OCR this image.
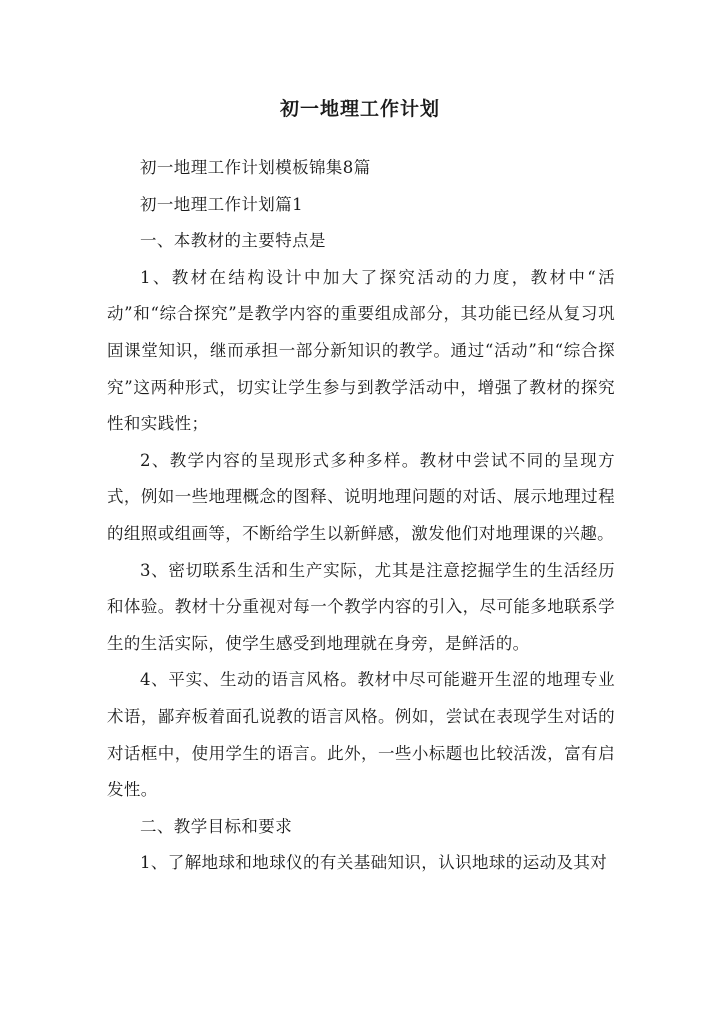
初一地理工作计划

初一地理工作计划模板锦集8篇

初一地理工作计划篇1

一、本教材的主要特点是

1、教材在结构设计中加大了探究活动的力度，教材中“活动”和“综合探究”是教学内容的重要组成部分，其功能已经从复习巩固课堂知识，继而承担一部分新知识的教学。通过“活动”和“综合探究”这两种形式，切实让学生参与到教学活动中，增强了教材的探究性和实践性；

2、教学内容的呈现形式多种多样。教材中尝试不同的呈现方式，例如一些地理概念的图释、说明地理问题的对话、展示地理过程的组照或组画等，不断给学生以新鲜感，激发他们对地理课的兴趣。

3、密切联系生活和生产实际，尤其是注意挖掘学生的生活经历和体验。教材十分重视对每一个教学内容的引入，尽可能多地联系学生的生活实际，使学生感受到地理就在身旁，是鲜活的。

4、平实、生动的语言风格。教材中尽可能避开生涩的地理专业术语，鄙弃板着面孔说教的语言风格。例如，尝试在表现学生对话的对话框中，使用学生的语言。此外，一些小标题也比较活泼，富有启发性。

二、教学目标和要求

1、了解地球和地球仪的有关基础知识，认识地球的运动及其对
